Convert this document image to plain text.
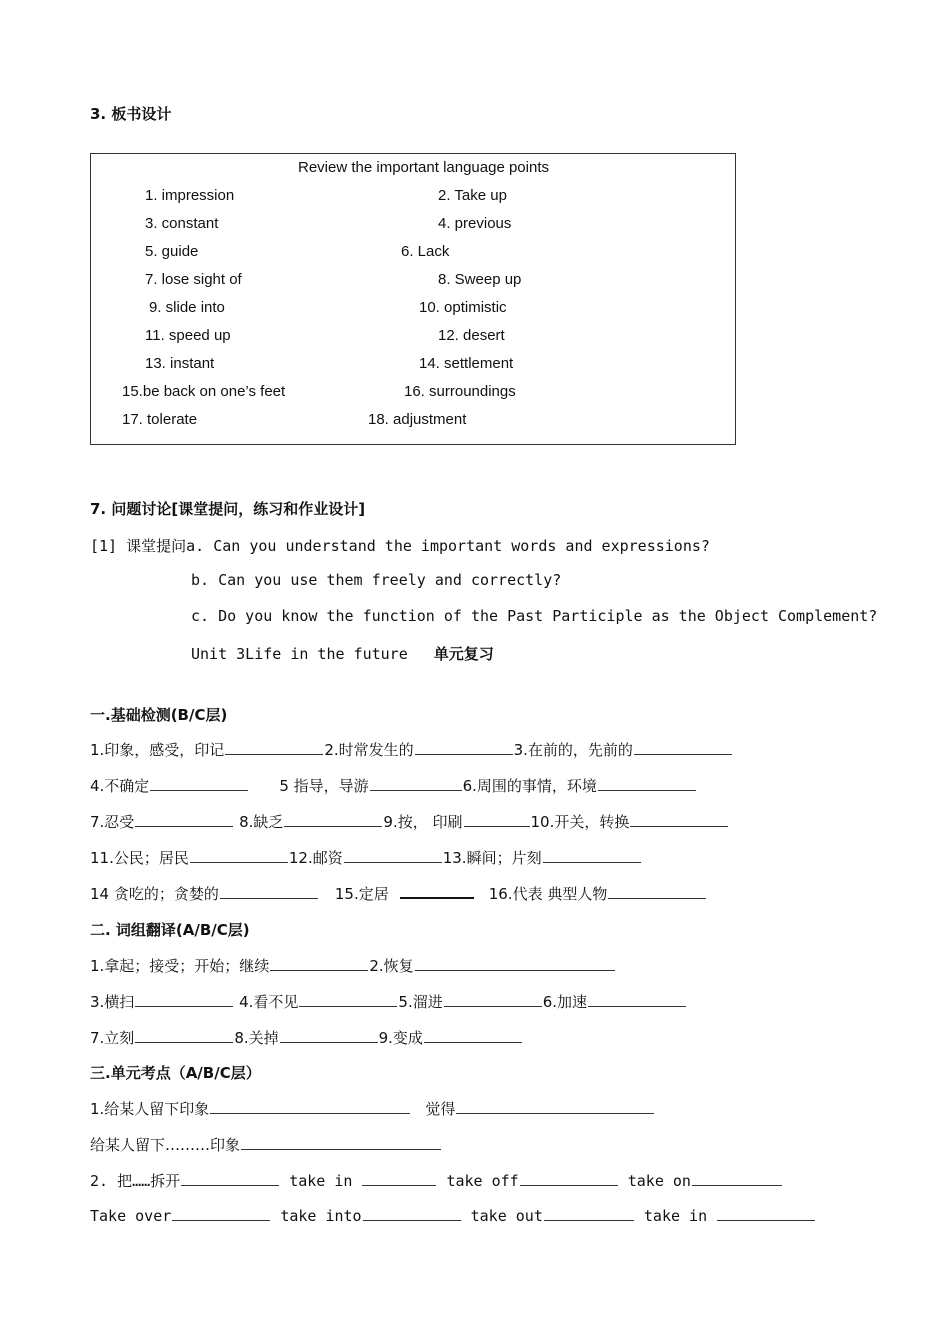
3. 板书设计
Review the important language points
1. impression	2. Take up
3. constant	4. previous
5. guide	6. Lack
7. lose sight of	8. Sweep up
9. slide into	10. optimistic
11. speed up	12. desert
13. instant	14. settlement
15.be back on one’s feet	16. surroundings
17. tolerate	18. adjustment
7. 问题讨论[课堂提问，练习和作业设计]
[1] 课堂提问a. Can you understand the important words and expressions?
b. Can you use them freely and correctly?
c. Do you know the function of the Past Participle as the Object Complement?
Unit 3Life in the future 单元复习
一.基础检测(B/C层)
1.印象，感受，印记	2.时常发生的	3.在前的，先前的
4.不确定	5 指导，导游	6.周围的事情，环境
7.忍受	8.缺乏	9.按， 印刷	10.开关，转换
11.公民；居民	12.邮资	13.瞬间；片刻
14 贪吃的；贪婪的	15.定居	16.代表 典型人物
二. 词组翻译(A/B/C层)
1.拿起；接受；开始；继续	2.恢复
3.横扫	4.看不见	5.溜进	6.加速
7.立刻	8.关掉	9.变成
三.单元考点（A/B/C层）
1.给某人留下印象	觉得
给某人留下………印象
2. 把……拆开	take in	take off	take on
Take over	take into	take out	take in
